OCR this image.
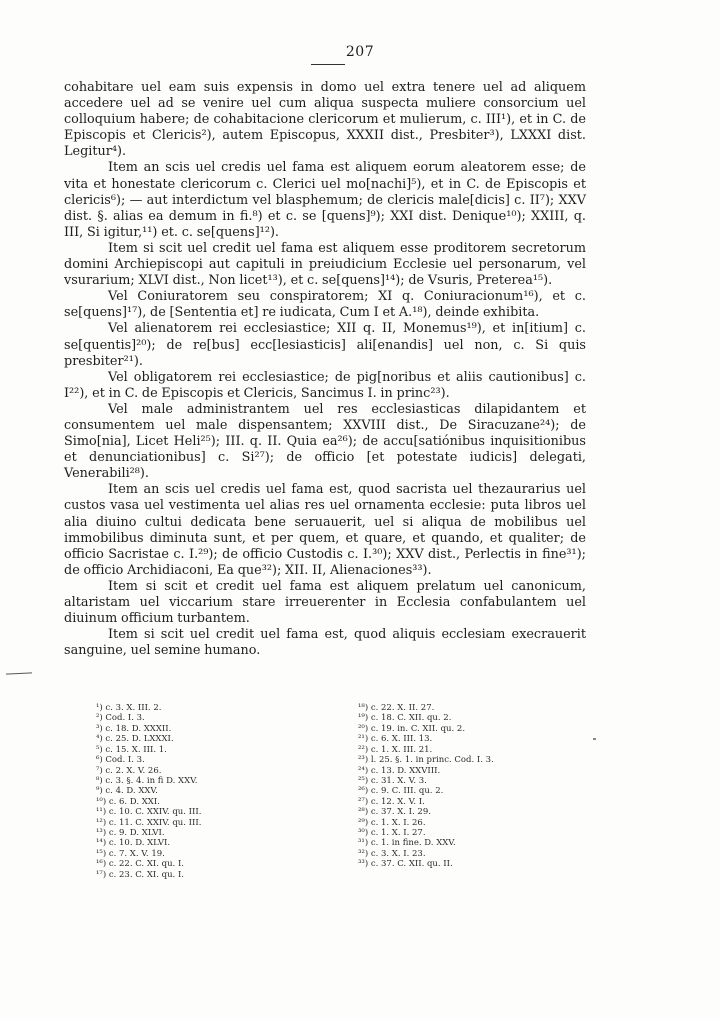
207

cohabitare uel eam suis expensis in domo uel extra tenere uel ad aliquem accedere uel ad se venire uel cum aliqua suspecta muliere consorcium uel colloquium habere; de cohabitacione clericorum et mulierum, c. III¹), et in C. de Episcopis et Clericis²), autem Episcopus, XXXII dist., Presbiter³), LXXXI dist. Legitur⁴).

Item an scis uel credis uel fama est aliquem eorum aleatorem esse; de vita et honestate clericorum c. Clerici uel mo[nachi]⁵), et in C. de Episcopis et clericis⁶); — aut interdictum vel blasphemum; de clericis male[dicis] c. II⁷); XXV dist. §. alias ea demum in fi.⁸) et c. se [quens]⁹); XXI dist. Denique¹⁰); XXIII, q. III, Si igitur,¹¹) et. c. se[quens]¹²).

Item si scit uel credit uel fama est aliquem esse proditorem secretorum domini Archiepiscopi aut capituli in preiudicium Ecclesie uel personarum, vel vsurarium; XLVI dist., Non licet¹³), et c. se[quens]¹⁴); de Vsuris, Preterea¹⁵).

Vel Coniuratorem seu conspiratorem; XI q. Coniuracionum¹⁶), et c. se[quens]¹⁷), de [Sententia et] re iudicata, Cum I et A.¹⁸), deinde exhibita.

Vel alienatorem rei ecclesiastice; XII q. II, Monemus¹⁹), et in[itium] c. se[quentis]²⁰); de re[bus] ecc[lesiasticis] ali[enandis] uel non, c. Si quis presbiter²¹).

Vel obligatorem rei ecclesiastice; de pig[noribus et aliis cautionibus] c. I²²), et in C. de Episcopis et Clericis, Sancimus I. in princ²³).

Vel male administrantem uel res ecclesiasticas dilapidantem et consumentem uel male dispensantem; XXVIII dist., De Siracuzane²⁴); de Simo[nia], Licet Heli²⁵); III. q. II. Quia ea²⁶); de accu[satiónibus inquisitionibus et denunciationibus] c. Si²⁷); de officio [et potestate iudicis] delegati, Venerabili²⁸).

Item an scis uel credis uel fama est, quod sacrista uel thezaurarius uel custos vasa uel vestimenta uel alias res uel ornamenta ecclesie: puta libros uel alia diuino cultui dedicata bene seruauerit, uel si aliqua de mobilibus uel immobilibus diminuta sunt, et per quem, et quare, et quando, et qualiter; de officio Sacristae c. I.²⁹); de officio Custodis c. I.³⁰); XXV dist., Perlectis in fine³¹); de officio Archidiaconi, Ea que³²); XII. II, Alienaciones³³).

Item si scit et credit uel fama est aliquem prelatum uel canonicum, altaristam uel viccarium stare irreuerenter in Ecclesia confabulantem uel diuinum officium turbantem.

Item si scit uel credit uel fama est, quod aliquis ecclesiam execrauerit sanguine, uel semine humano.

¹) c. 3. X. III. 2.
²) Cod. I. 3.
³) c. 18. D. XXXII.
⁴) c. 25. D. LXXXI.
⁵) c. 15. X. III. 1.
⁶) Cod. I. 3.
⁷) c. 2. X. V. 26.
⁸) c. 3. §. 4. in fi D. XXV.
⁹) c. 4. D. XXV.
¹⁰) c. 6. D. XXI.
¹¹) c. 10. C. XXIV. qu. III.
¹²) c. 11. C. XXIV. qu. III.
¹³) c. 9. D. XLVI.
¹⁴) c. 10. D. XLVI.
¹⁵) c. 7. X. V. 19.
¹⁶) c. 22. C. XI. qu. I.
¹⁷) c. 23. C. XI. qu. I.
¹⁸) c. 22. X. II. 27.
¹⁹) c. 18. C. XII. qu. 2.
²⁰) c. 19. in. C. XII. qu. 2.
²¹) c. 6. X. III. 13.
²²) c. 1. X. III. 21.
²³) l. 25. §. 1. in princ. Cod. I. 3.
²⁴) c. 13. D. XXVIII.
²⁵) c. 31. X. V. 3.
²⁶) c. 9. C. III. qu. 2.
²⁷) c. 12. X. V. I.
²⁸) c. 37. X. I. 29.
²⁹) c. 1. X. I. 26.
³⁰) c. 1. X. I. 27.
³¹) c. 1. in fine. D. XXV.
³²) c. 3. X. I. 23.
³³) c. 37. C. XII. qu. II.
